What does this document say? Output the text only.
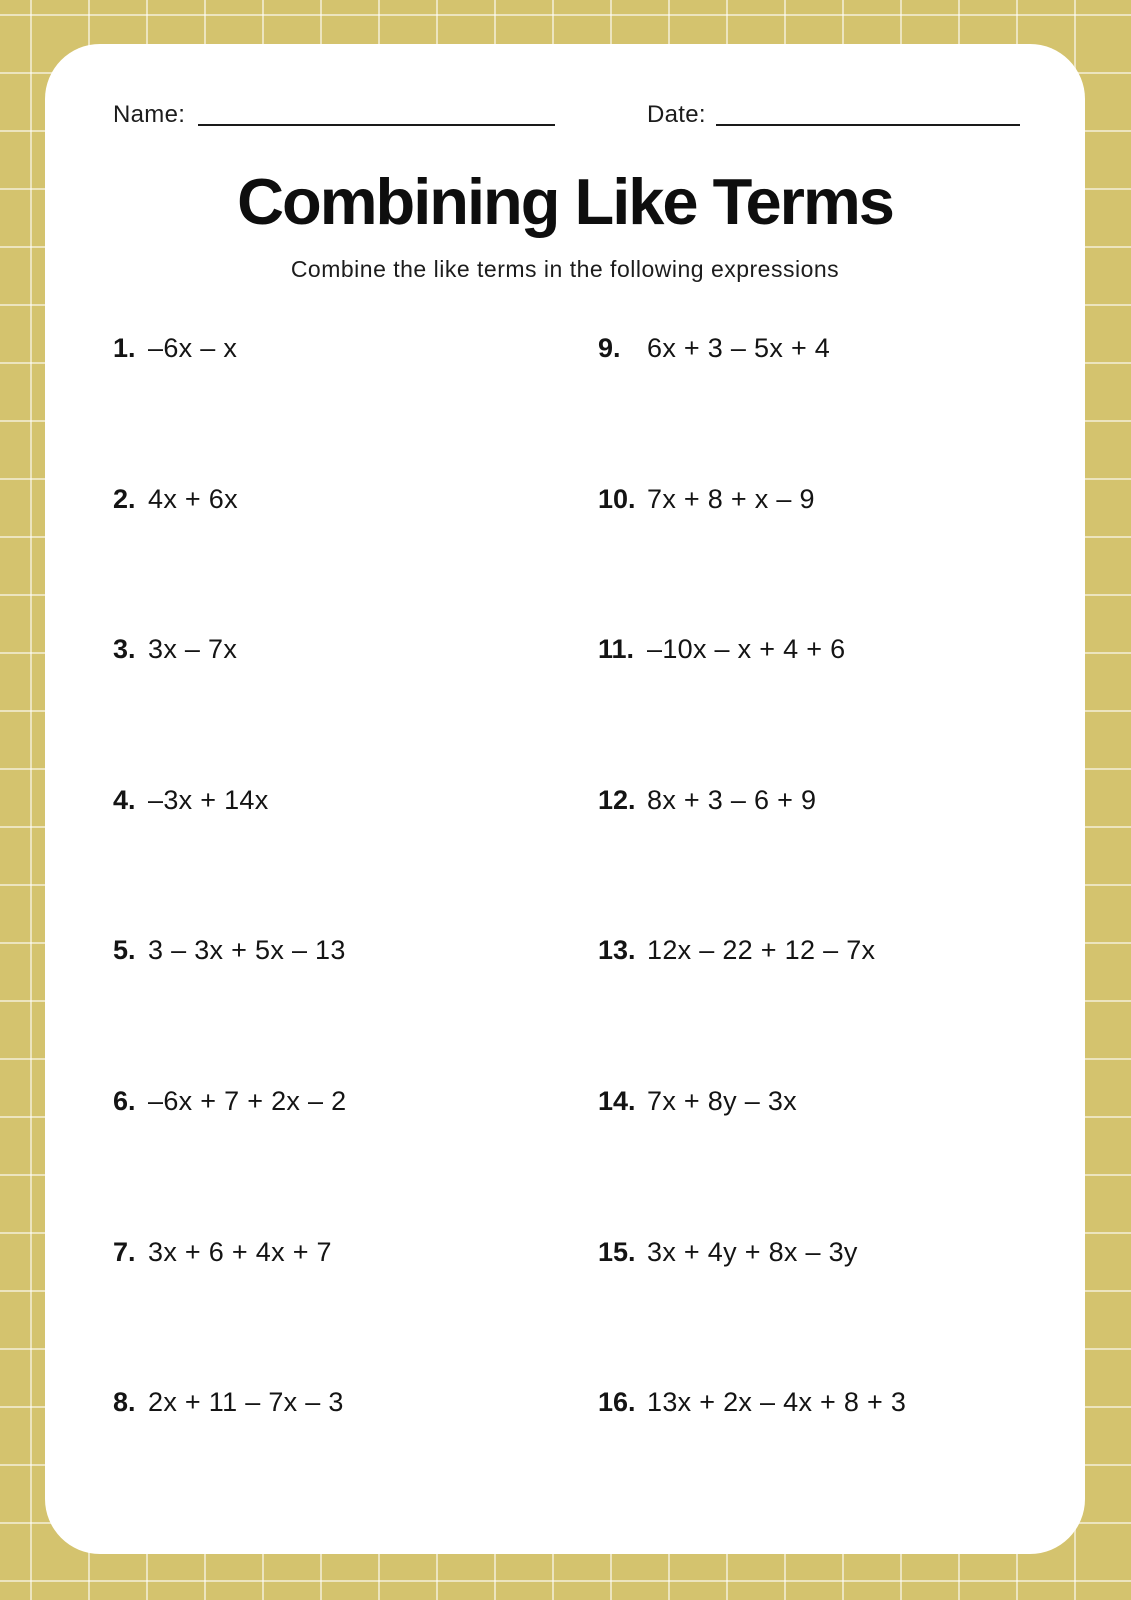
Name:	Date:
Combining Like Terms
Combine the like terms in the following expressions
1. –6x – x
2. 4x + 6x
3. 3x – 7x
4. –3x + 14x
5. 3 – 3x + 5x – 13
6. –6x + 7 + 2x – 2
7. 3x + 6 + 4x + 7
8. 2x + 11 – 7x – 3
9. 6x + 3 – 5x + 4
10. 7x + 8 + x – 9
11. –10x – x + 4 + 6
12. 8x + 3 – 6 + 9
13. 12x – 22 + 12 – 7x
14. 7x + 8y – 3x
15. 3x + 4y + 8x – 3y
16. 13x + 2x – 4x + 8 + 3
